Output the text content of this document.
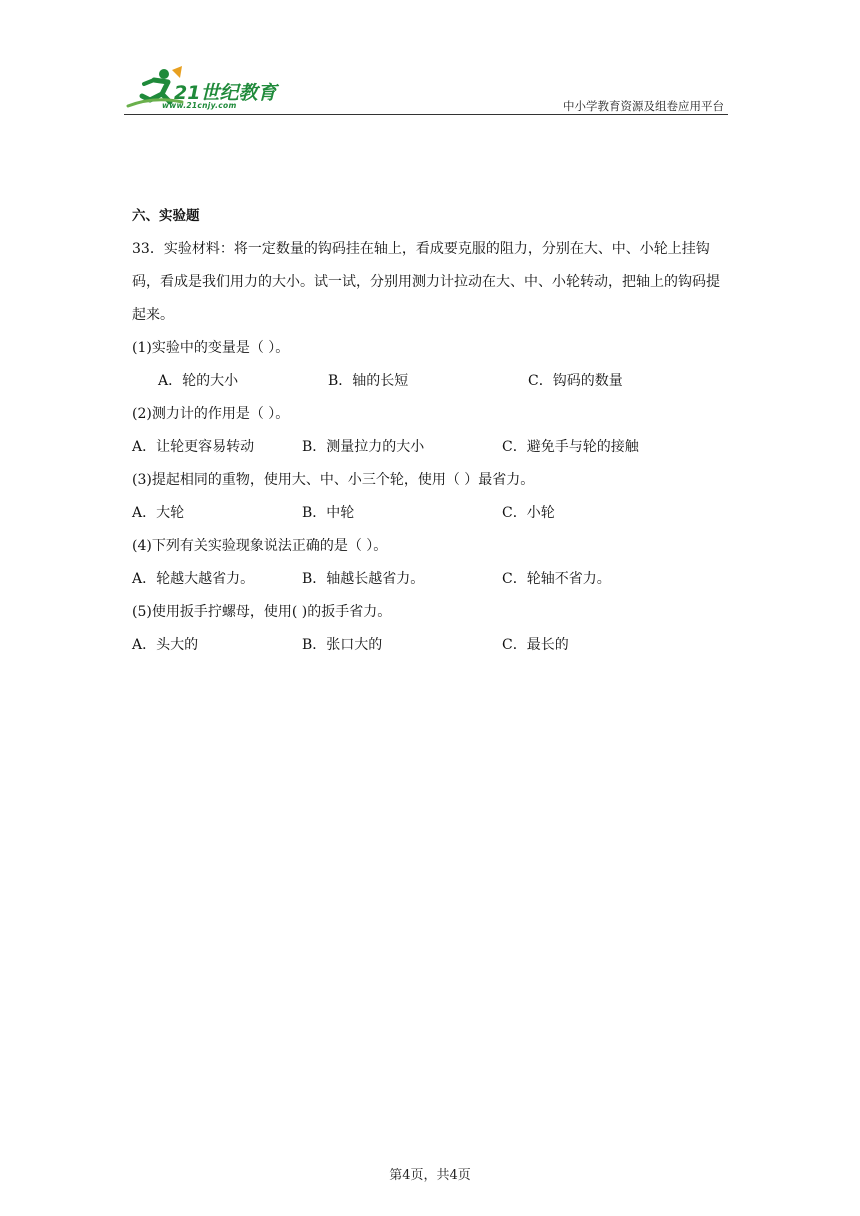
21世纪教育
www.21cnjy.com	中小学教育资源及组卷应用平台
六、实验题
33．实验材料：将一定数量的钩码挂在轴上，看成要克服的阻力，分别在大、中、小轮上挂钩码，看成是我们用力的大小。试一试，分别用测力计拉动在大、中、小轮转动，把轴上的钩码提起来。
(1)实验中的变量是（ ）。
A．轮的大小	B．轴的长短	C．钩码的数量
(2)测力计的作用是（ ）。
A．让轮更容易转动	B．测量拉力的大小	C．避免手与轮的接触
(3)提起相同的重物，使用大、中、小三个轮，使用（ ）最省力。
A．大轮	B．中轮	C．小轮
(4)下列有关实验现象说法正确的是（ ）。
A．轮越大越省力。	B．轴越长越省力。	C．轮轴不省力。
(5)使用扳手拧螺母，使用( )的扳手省力。
A．头大的	B．张口大的	C．最长的
第4页，共4页
